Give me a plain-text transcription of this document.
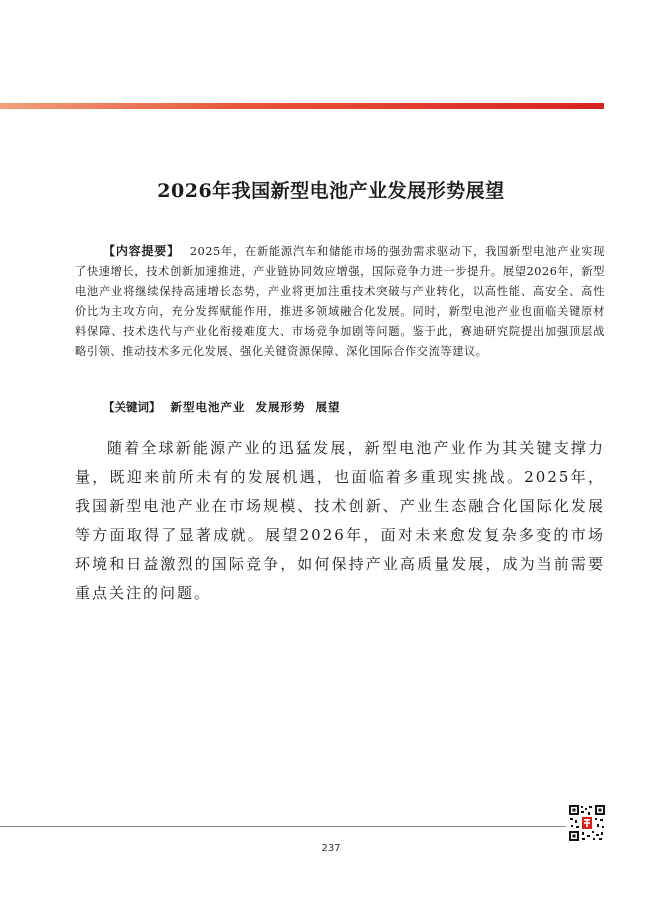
2026年我国新型电池产业发展形势展望
【内容提要】 2025年，在新能源汽车和储能市场的强劲需求驱动下，我国新型电池产业实现了快速增长，技术创新加速推进，产业链协同效应增强，国际竞争力进一步提升。展望2026年，新型电池产业将继续保持高速增长态势，产业将更加注重技术突破与产业转化，以高性能、高安全、高性价比为主攻方向，充分发挥赋能作用，推进多领域融合化发展。同时，新型电池产业也面临关键原材料保障、技术迭代与产业化衔接难度大、市场竞争加剧等问题。鉴于此，赛迪研究院提出加强顶层战略引领、推动技术多元化发展、强化关键资源保障、深化国际合作交流等建议。
【关键词】 新型电池产业 发展形势 展望
随着全球新能源产业的迅猛发展，新型电池产业作为其关键支撑力量，既迎来前所未有的发展机遇，也面临着多重现实挑战。2025年，我国新型电池产业在市场规模、技术创新、产业生态融合化国际化发展等方面取得了显著成就。展望2026年，面对未来愈发复杂多变的市场环境和日益激烈的国际竞争，如何保持产业高质量发展，成为当前需要重点关注的问题。
237
